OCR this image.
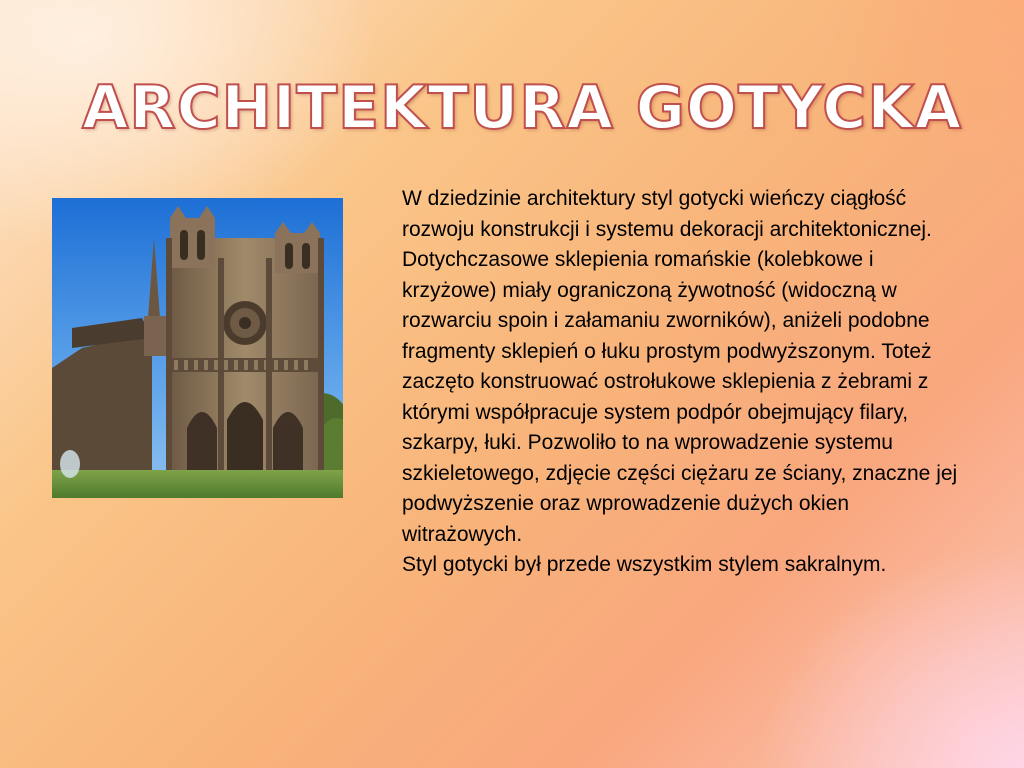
ARCHITEKTURA GOTYCKA

W dziedzinie architektury styl gotycki wieńczy ciągłość rozwoju konstrukcji i systemu dekoracji architektonicznej. Dotychczasowe sklepienia romańskie (kolebkowe i krzyżowe) miały ograniczoną żywotność (widoczną w rozwarciu spoin i załamaniu zworników), aniżeli podobne fragmenty sklepień o łuku prostym podwyższonym. Toteż zaczęto konstruować ostrołukowe sklepienia z żebrami z którymi współpracuje system podpór obejmujący filary, szkarpy, łuki. Pozwoliło to na wprowadzenie systemu szkieletowego, zdjęcie części ciężaru ze ściany, znaczne jej podwyższenie oraz wprowadzenie dużych okien witrażowych.

Styl gotycki był przede wszystkim stylem sakralnym.
